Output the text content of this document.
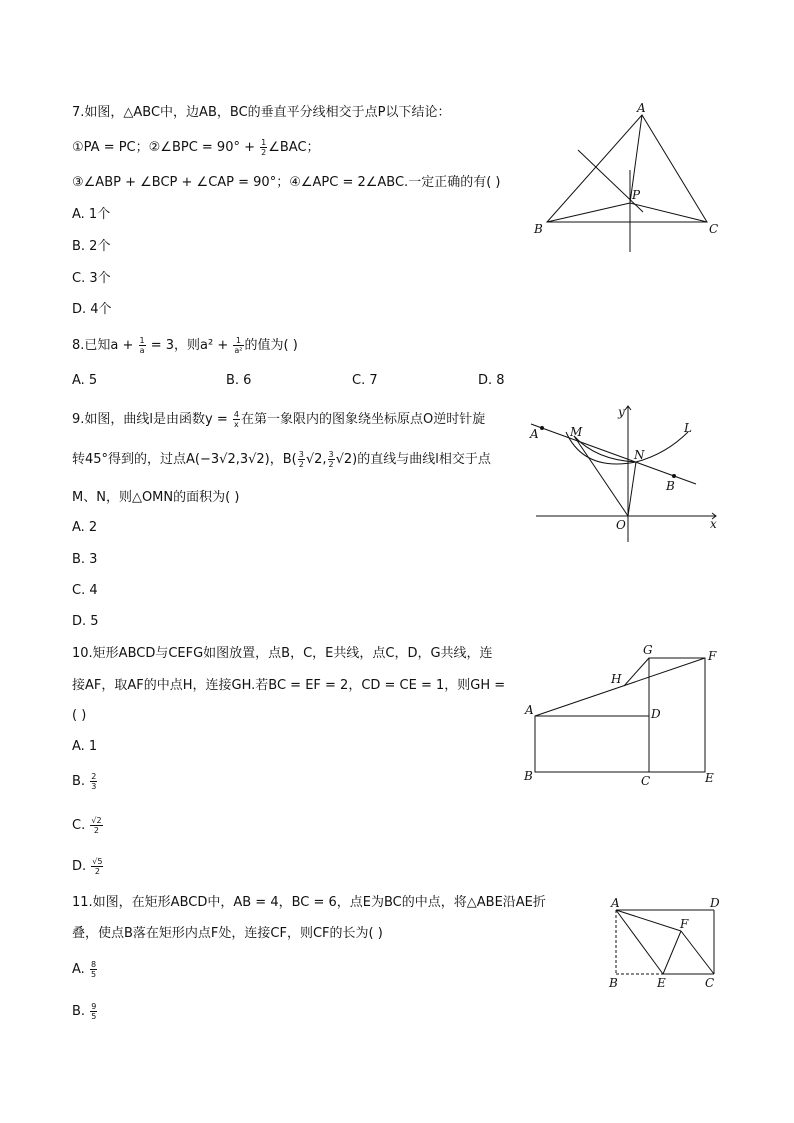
7.如图，△ABC中，边AB，BC的垂直平分线相交于点P以下结论：
①PA = PC；②∠BPC = $90^\circ + \frac{1}{2}$ ∠BAC；
③∠ABP + ∠BCP + ∠CAP = 90°；④∠APC = 2∠ABC.一定正确的有( )
A. 1个
B. 2个
C. 3个
D. 4个
A
B	C
P
8.已知$a + \frac{1}{a} = 3$，则$a^2 + \frac{1}{\text{a²}}$ 的值为( )
A. 5	B. 6	C. 7	D. 8
9.如图，曲线l是由函数$y = \frac{4}{x}$ 在第一象限内的图象绕坐标原点O逆时针旋
转45°得到的，过点A(−3√2,3√2)，$B( \frac{3}{2} √2$, $\frac{3}{2} √2$)的直线与曲线l相交于点
M、N，则△OMN的面积为( )
A. 2
B. 3
C. 4
D. 5
A	M
N
B
O
L
x
y
10.矩形ABCD与CEFG如图放置，点B，C，E共线，点C，D，G共线，连
接AF，取AF的中点H，连接GH.若BC = EF = 2，CD = CE = 1，则GH =
( )
A. 1
B. $\frac{2}{3}$
C. $\frac{√2}{2}$
D. $\frac{√5}{2}$
A
B	C
D
E
F
G
H
11.如图，在矩形ABCD中，AB = 4，BC = 6，点E为BC的中点，将△ABE沿AE折
叠，使点B落在矩形内点F处，连接CF，则CF的长为( )
A. $\frac{8}{5}$
B. $\frac{9}{5}$
A	D
B	E	C
F
